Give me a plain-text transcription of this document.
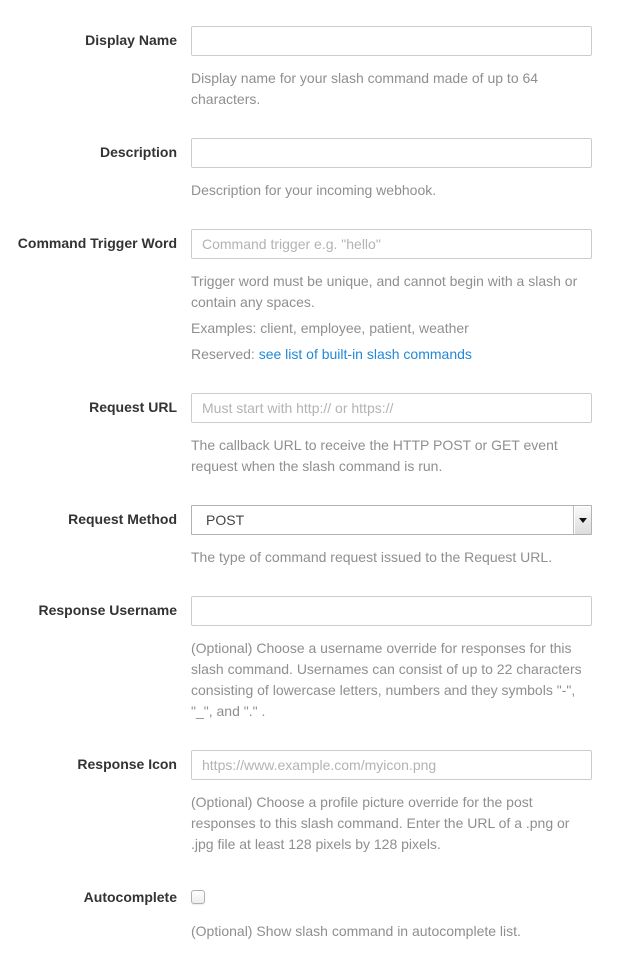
Display Name

Display name for your slash command made of up to 64 characters.

Description

Description for your incoming webhook.

Command Trigger Word
Command trigger e.g. "hello"

Trigger word must be unique, and cannot begin with a slash or contain any spaces.

Examples: client, employee, patient, weather

Reserved: see list of built-in slash commands

Request URL
Must start with http:// or https://

The callback URL to receive the HTTP POST or GET event request when the slash command is run.

Request Method	POST

The type of command request issued to the Request URL.

Response Username

(Optional) Choose a username override for responses for this slash command. Usernames can consist of up to 22 characters consisting of lowercase letters, numbers and they symbols "-", "_", and "." .

Response Icon
https://www.example.com/myicon.png

(Optional) Choose a profile picture override for the post responses to this slash command. Enter the URL of a .png or .jpg file at least 128 pixels by 128 pixels.

Autocomplete

(Optional) Show slash command in autocomplete list.
